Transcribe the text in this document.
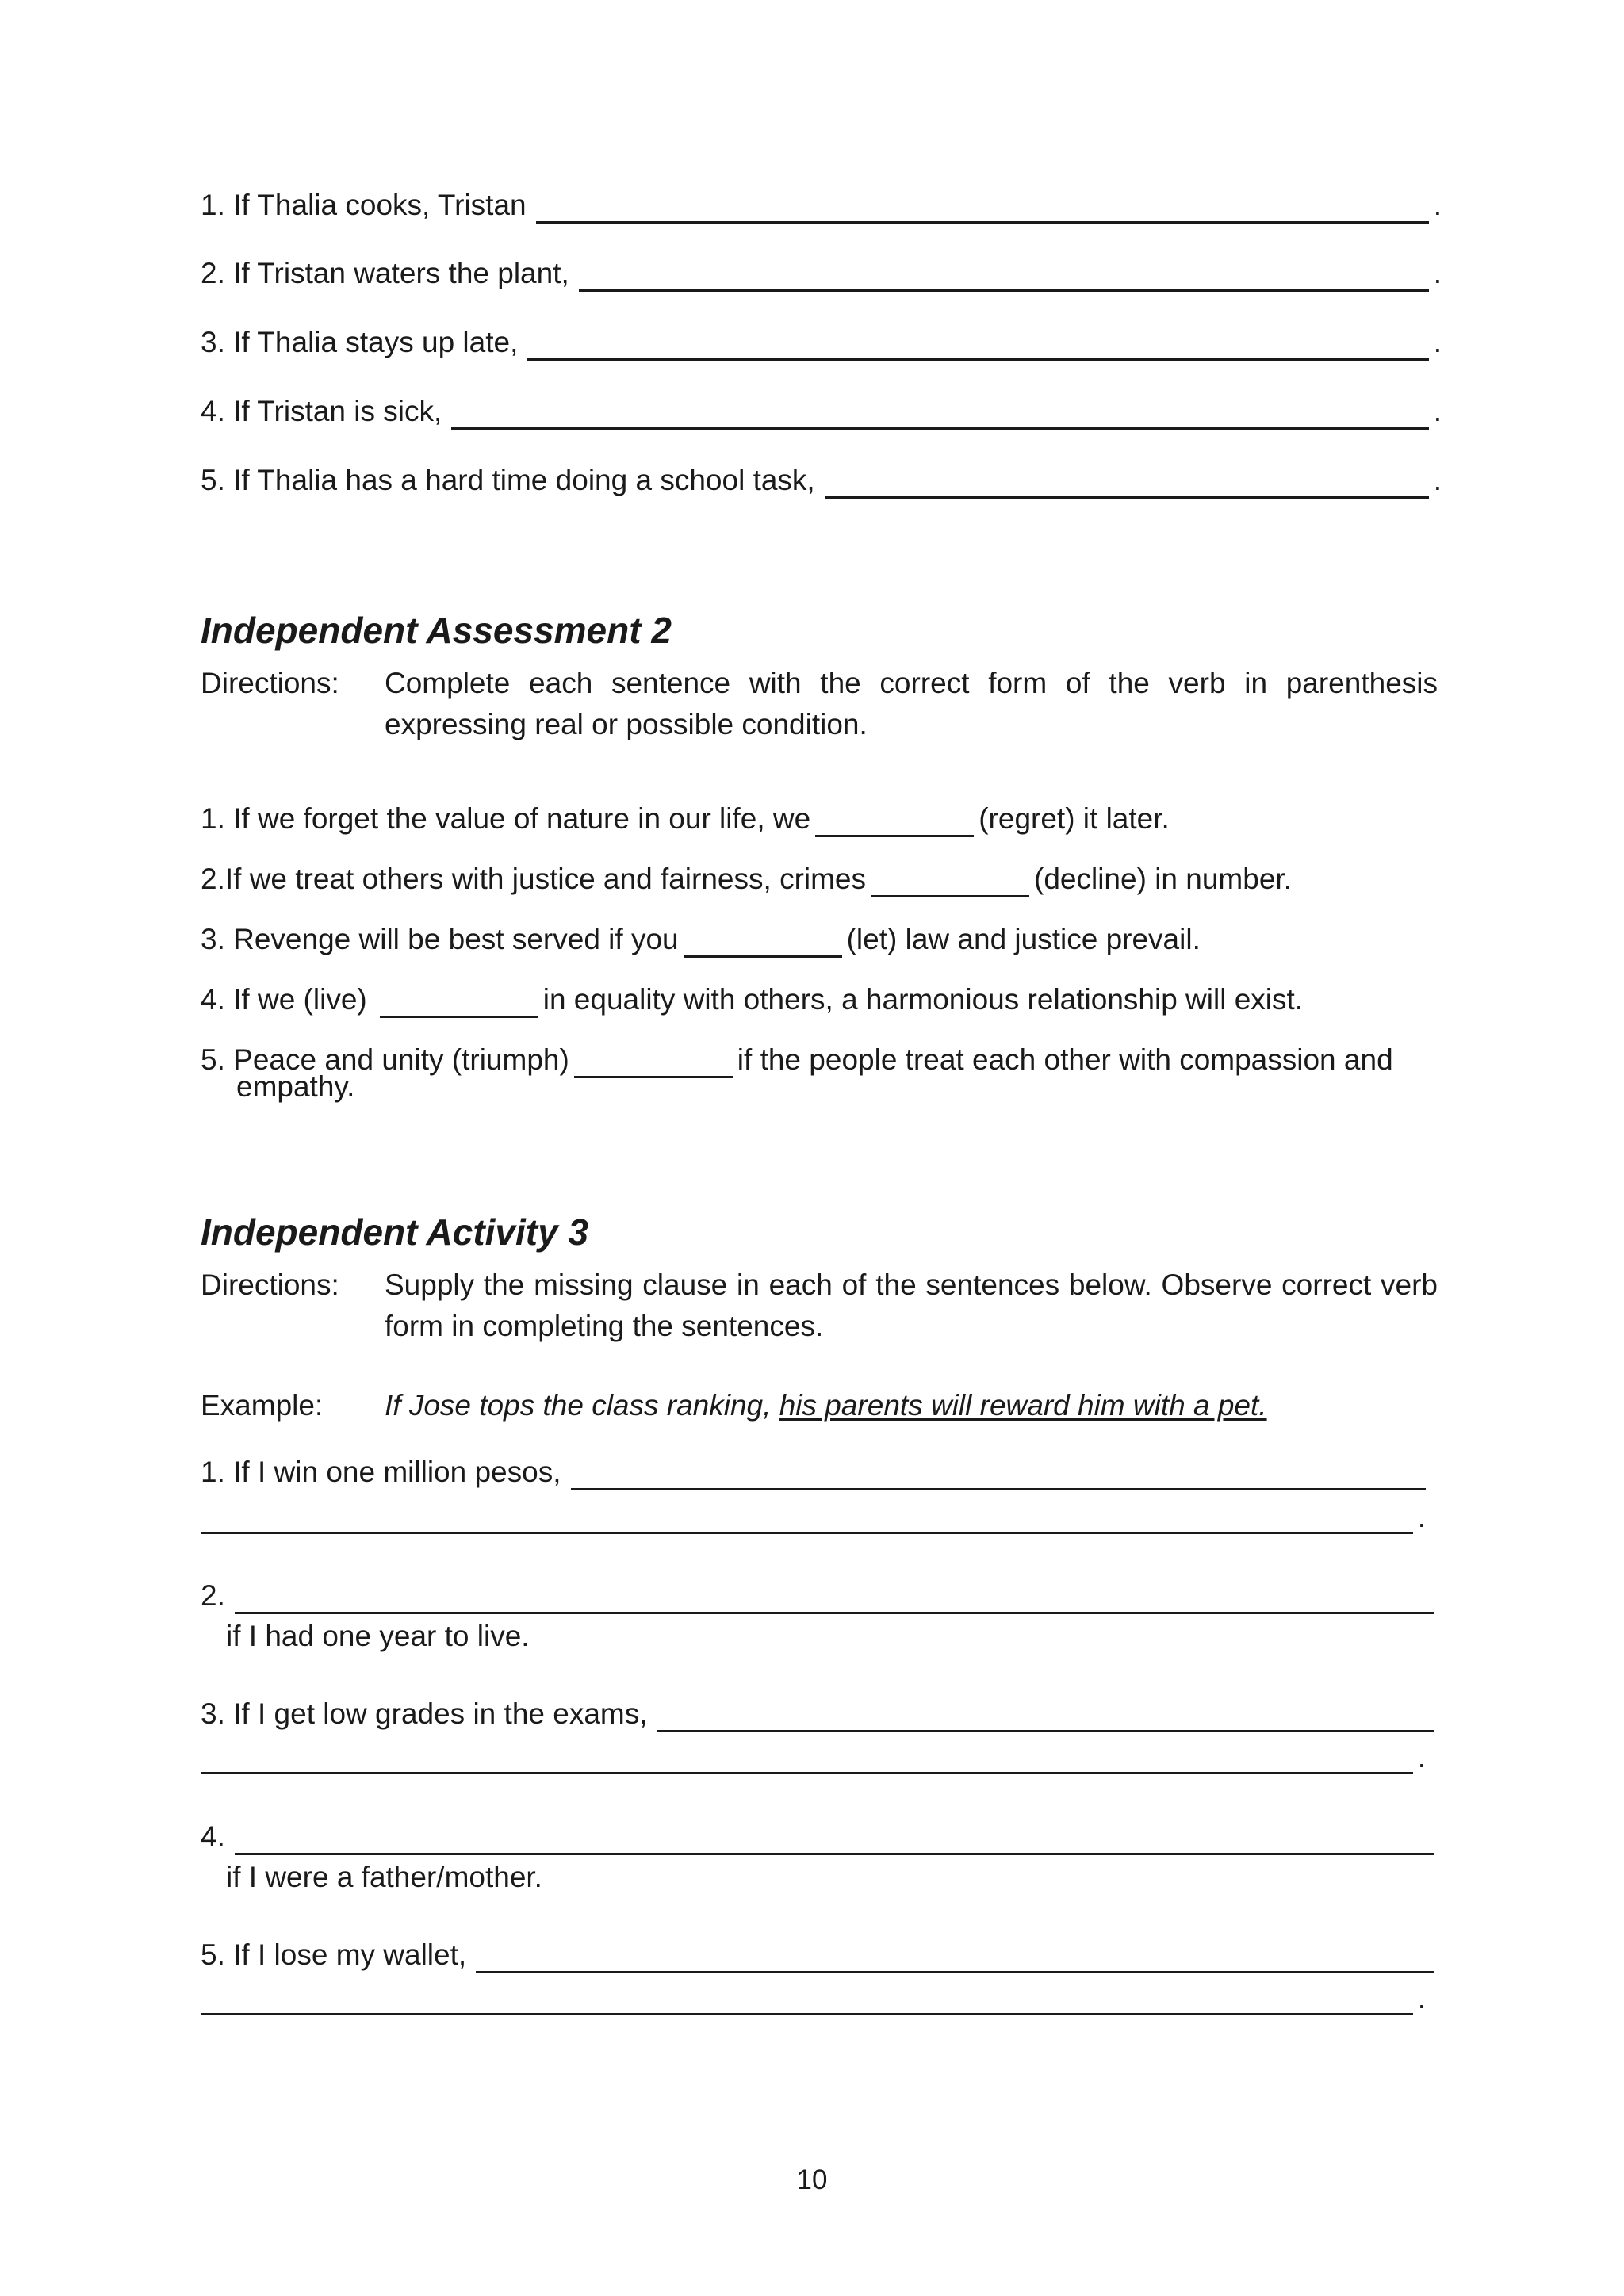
1. If Thalia cooks, Tristan	.
2. If Tristan waters the plant,	.
3. If Thalia stays up late,	.
4. If Tristan is sick,	.
5. If Thalia has a hard time doing a school task,	.
Independent Assessment 2
Directions: Complete each sentence with the correct form of the verb in parenthesis expressing real or possible condition.
1. If we forget the value of nature in our life, we	(regret) it later.
2.If we treat others with justice and fairness, crimes	(decline) in number.
3. Revenge will be best served if you	(let) law and justice prevail.
4. If we (live)	in equality with others, a harmonious relationship will exist.
5. Peace and unity (triumph)	if the people treat each other with compassion and
empathy.
Independent Activity 3
Directions: Supply the missing clause in each of the sentences below. Observe correct verb form in completing the sentences.
Example: If Jose tops the class ranking, his parents will reward him with a pet.
1. If I win one million pesos,
.
2.
if I had one year to live.
3. If I get low grades in the exams,
.
4.
if I were a father/mother.
5. If I lose my wallet,
.
10
